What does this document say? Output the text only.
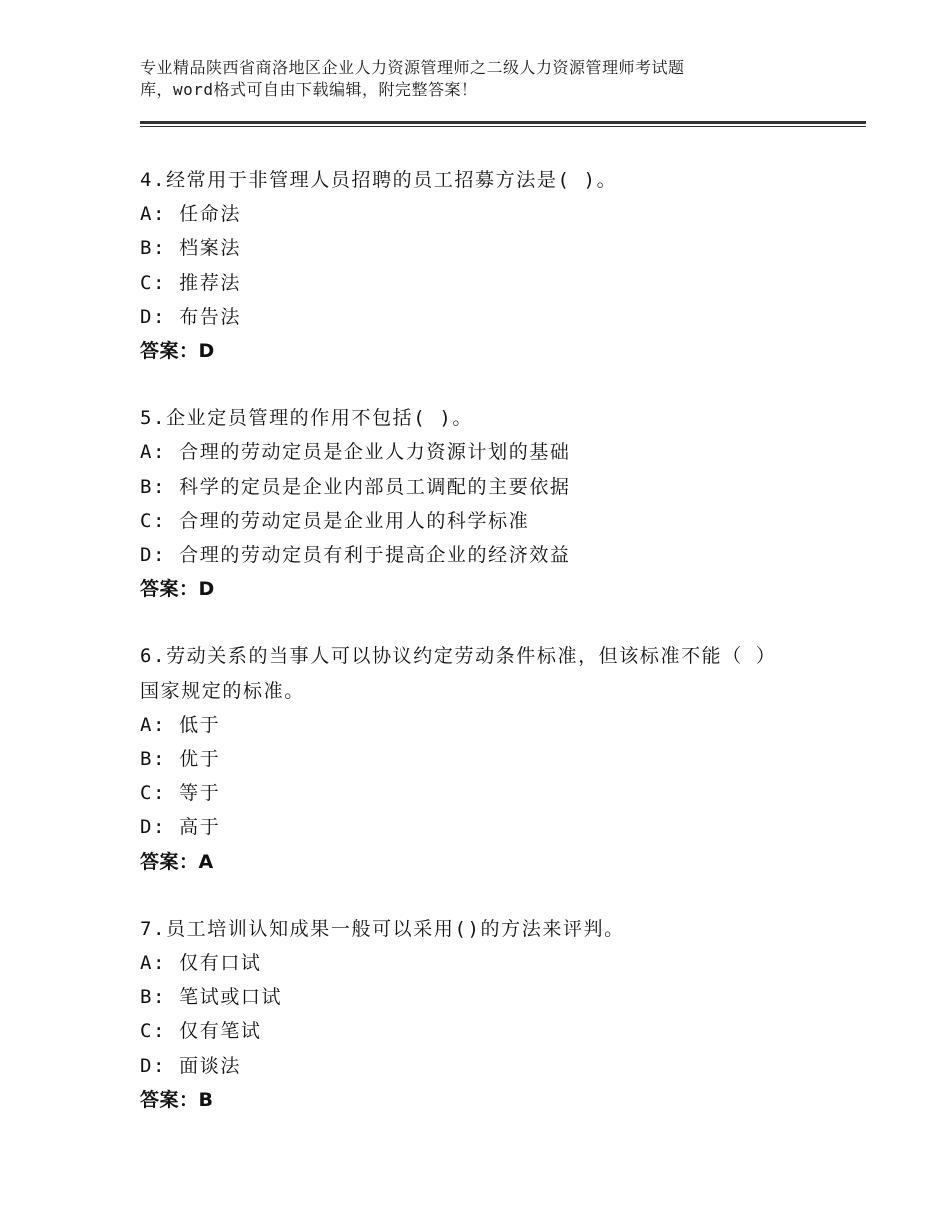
专业精品陕西省商洛地区企业人力资源管理师之二级人力资源管理师考试题
库，word格式可自由下载编辑，附完整答案！
4.经常用于非管理人员招聘的员工招募方法是( )。
A: 任命法
B: 档案法
C: 推荐法
D: 布告法
答案：D
5.企业定员管理的作用不包括( )。
A: 合理的劳动定员是企业人力资源计划的基础
B: 科学的定员是企业内部员工调配的主要依据
C: 合理的劳动定员是企业用人的科学标准
D: 合理的劳动定员有利于提高企业的经济效益
答案：D
6.劳动关系的当事人可以协议约定劳动条件标准，但该标准不能（ ）国家规定的标准。
A: 低于
B: 优于
C: 等于
D: 高于
答案：A
7.员工培训认知成果一般可以采用()的方法来评判。
A: 仅有口试
B: 笔试或口试
C: 仅有笔试
D: 面谈法
答案：B
